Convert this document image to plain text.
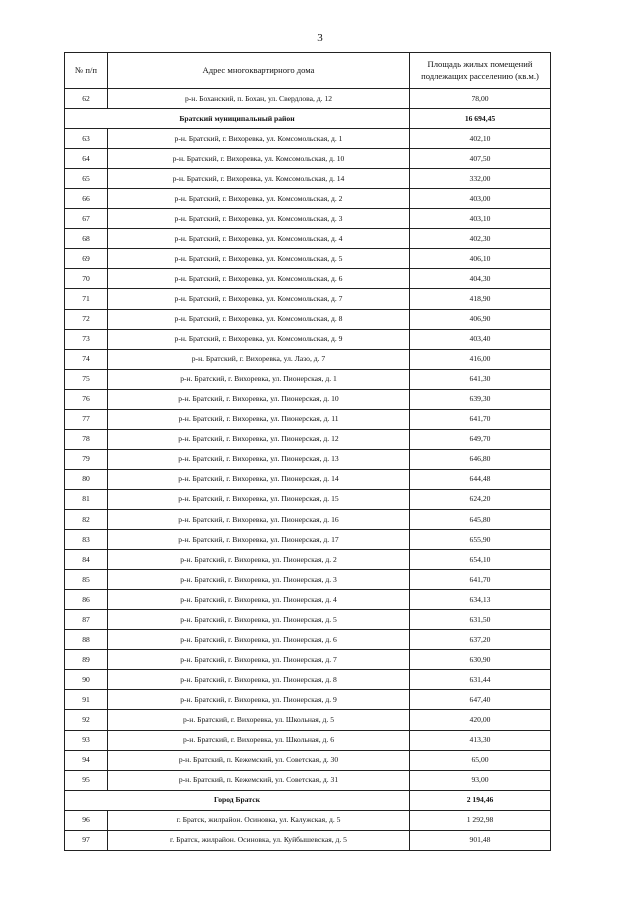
3
№ п/п	Адрес многоквартирного дома	Площадь жилых помещений подлежащих расселению (кв.м.)
62	р-н. Боханский, п. Бохан, ул. Свердлова, д. 12	78,00
Братский муниципальный район		16 694,45
63	р-н. Братский, г. Вихоревка, ул. Комсомольская, д. 1	402,10
64	р-н. Братский, г. Вихоревка, ул. Комсомольская, д. 10	407,50
65	р-н. Братский, г. Вихоревка, ул. Комсомольская, д. 14	332,00
66	р-н. Братский, г. Вихоревка, ул. Комсомольская, д. 2	403,00
67	р-н. Братский, г. Вихоревка, ул. Комсомольская, д. 3	403,10
68	р-н. Братский, г. Вихоревка, ул. Комсомольская, д. 4	402,30
69	р-н. Братский, г. Вихоревка, ул. Комсомольская, д. 5	406,10
70	р-н. Братский, г. Вихоревка, ул. Комсомольская, д. 6	404,30
71	р-н. Братский, г. Вихоревка, ул. Комсомольская, д. 7	418,90
72	р-н. Братский, г. Вихоревка, ул. Комсомольская, д. 8	406,90
73	р-н. Братский, г. Вихоревка, ул. Комсомольская, д. 9	403,40
74	р-н. Братский, г. Вихоревка, ул. Лазо, д. 7	416,00
75	р-н. Братский, г. Вихоревка, ул. Пионерская, д. 1	641,30
76	р-н. Братский, г. Вихоревка, ул. Пионерская, д. 10	639,30
77	р-н. Братский, г. Вихоревка, ул. Пионерская, д. 11	641,70
78	р-н. Братский, г. Вихоревка, ул. Пионерская, д. 12	649,70
79	р-н. Братский, г. Вихоревка, ул. Пионерская, д. 13	646,80
80	р-н. Братский, г. Вихоревка, ул. Пионерская, д. 14	644,48
81	р-н. Братский, г. Вихоревка, ул. Пионерская, д. 15	624,20
82	р-н. Братский, г. Вихоревка, ул. Пионерская, д. 16	645,80
83	р-н. Братский, г. Вихоревка, ул. Пионерская, д. 17	655,90
84	р-н. Братский, г. Вихоревка, ул. Пионерская, д. 2	654,10
85	р-н. Братский, г. Вихоревка, ул. Пионерская, д. 3	641,70
86	р-н. Братский, г. Вихоревка, ул. Пионерская, д. 4	634,13
87	р-н. Братский, г. Вихоревка, ул. Пионерская, д. 5	631,50
88	р-н. Братский, г. Вихоревка, ул. Пионерская, д. 6	637,20
89	р-н. Братский, г. Вихоревка, ул. Пионерская, д. 7	630,90
90	р-н. Братский, г. Вихоревка, ул. Пионерская, д. 8	631,44
91	р-н. Братский, г. Вихоревка, ул. Пионерская, д. 9	647,40
92	р-н. Братский, г. Вихоревка, ул. Школьная, д. 5	420,00
93	р-н. Братский, г. Вихоревка, ул. Школьная, д. 6	413,30
94	р-н. Братский, п. Кежемский, ул. Советская, д. 30	65,00
95	р-н. Братский, п. Кежемский, ул. Советская, д. 31	93,00
Город Братск		2 194,46
96	г. Братск, жилрайон. Осиновка, ул. Калужская, д. 5	1 292,98
97	г. Братск, жилрайон. Осиновка, ул. Куйбышевская, д. 5	901,48
